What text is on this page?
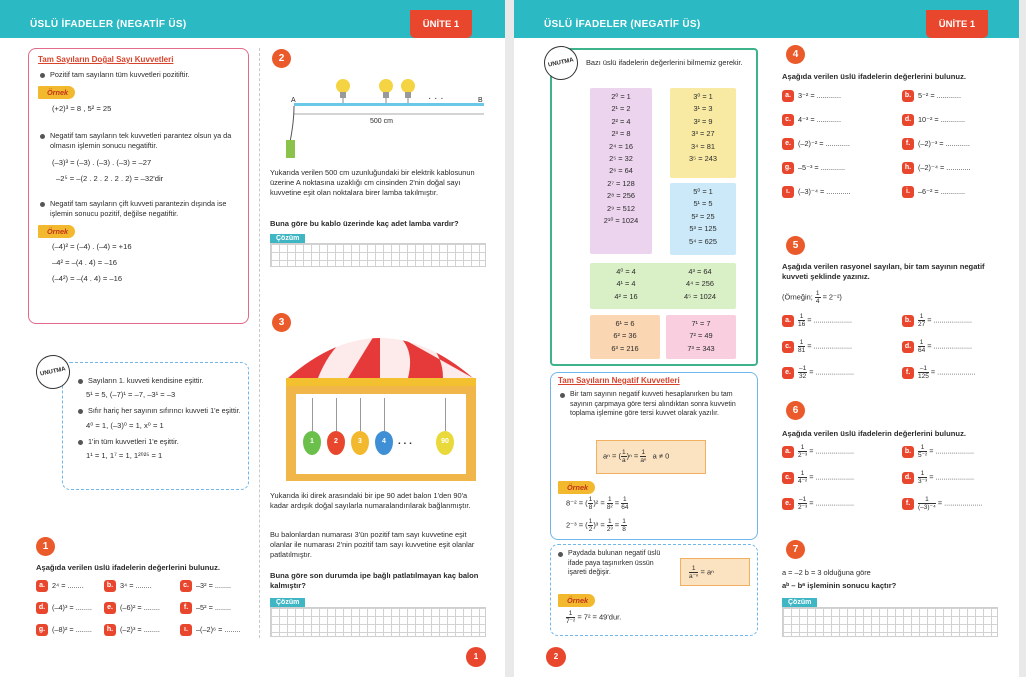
ÜSLÜ İFADELER (NEGATİF ÜS)	ÜNİTE 1
Tam Sayıların Doğal Sayı Kuvvetleri
Pozitif tam sayıların tüm kuvvetleri pozitiftir.
Örnek
(+2)³ = 8 , 5² = 25
Negatif tam sayıların tek kuvvetleri parantez olsun ya da olmasın işlemin sonucu negatiftir.
(–3)³ = (–3) . (–3) . (–3) = –27
–2⁵ = –(2 . 2 . 2 . 2 . 2) = –32'dir
Negatif tam sayıların çift kuvveti parantezin dışında ise işlemin sonucu pozitif, değilse negatiftir.
Örnek
(–4)² = (–4) . (–4) = +16
–4² = –(4 . 4) = –16
(–4²) = –(4 . 4) = –16
UNUTMA
Sayıların 1. kuvveti kendisine eşittir.
5¹ = 5, (–7)¹ = –7, –3¹ = –3
Sıfır hariç her sayının sıfırıncı kuvveti 1'e eşittir.
4⁰ = 1, (–3)⁰ = 1, x⁰ = 1
1'in tüm kuvvetleri 1'e eşittir.
1¹ = 1, 1⁷ = 1, 1²⁰²⁵ = 1
1
Aşağıda verilen üslü ifadelerin değerlerini bulunuz.
a. 2⁴ = ........	b. 3⁴ = ........	c. –3² = ........
d. (–4)³ = ........	e. (–6)² = ........	f. –5² = ........
g. (–8)² = ........	h. (–2)³ = ........	ı. –(–2)⁶ = ........
2
· · ·
A	B
500 cm
Yukarıda verilen 500 cm uzunluğundaki bir elektrik kablosunun üzerine A noktasına uzaklığı cm cinsinden 2'nin doğal sayı kuvvetine eşit olan noktalara birer lamba takılmıştır.
Buna göre bu kablo üzerinde kaç adet lamba vardır?
Çözüm
3
1	2	3	4	90
. . .
Yukarıda iki direk arasındaki bir ipe 90 adet balon 1'den 90'a kadar ardışık doğal sayılarla numaralandırılarak bağlanmıştır.
Bu balonlardan numarası 3'ün pozitif tam sayı kuvvetine eşit olanlar ile numarası 2'nin pozitif tam sayı kuvvetine eşit olanlar patlatılmıştır.
Buna göre son durumda ipe bağlı patlatılmayan kaç balon kalmıştır?
Çözüm
1
ÜSLÜ İFADELER (NEGATİF ÜS)	ÜNİTE 1
UNUTMA	Bazı üslü ifadelerin değerlerini bilmemiz gerekir.
2⁰ = 1
2¹ = 2
2² = 4
2³ = 8
2⁴ = 16
2⁵ = 32
2⁶ = 64
2⁷ = 128
2⁸ = 256
2⁹ = 512
2¹⁰ = 1024
3⁰ = 1
3¹ = 3
3² = 9
3³ = 27
3⁴ = 81
3⁵ = 243
5⁰ = 1
5¹ = 5
5² = 25
5³ = 125
5⁴ = 625
4⁰ = 4
4¹ = 4
4² = 16
4³ = 64
4⁴ = 256
4⁵ = 1024
6¹ = 6
6² = 36
6³ = 216
7¹ = 7
7² = 49
7³ = 343
Tam Sayıların Negatif Kuvvetleri
Bir tam sayının negatif kuvveti hesaplanırken bu tam sayının çarpmaya göre tersi alındıktan sonra kuvvetin toplama işlemine göre tersi kuvvet olarak yazılır.
aⁿ = ( $\frac{1}{a} )^n = \frac{1}{\text{aⁿ}}$ a ≠ 0
Örnek
8⁻² = ( $\frac{1}{8} )^2 = \frac{1}{\text{8²}} = \frac{1}{64}$
2⁻³ = ( $\frac{1}{2} )^3 = \frac{1}{\text{2³}} = \frac{1}{8}$
Paydada bulunan negatif üslü ifade paya taşınırken üssün işareti değişir.	$\frac{1}{\text{a⁻ⁿ}} = a^n$
Örnek
$\frac{1}{\text{7⁻²}} = 7^2 = 49'dur$.
4
Aşağıda verilen üslü ifadelerin değerlerini bulunuz.
a. 3⁻² = ............	b. 5⁻² = ............
c. 4⁻³ = ............	d. 10⁻² = ............
e. (–2)⁻² = ............	f. (–2)⁻³ = ............
g. –5⁻³ = ............	h. (–2)⁻⁴ = ............
ı. (–3)⁻⁴ = ............	i. –6⁻² = ............
5
Aşağıda verilen rasyonel sayıları, bir tam sayının negatif kuvveti şeklinde yazınız.
(Örneğin; $\frac{1}{4} = 2^{-2}$)
a. $\frac{1}{16}$ = ...................	b. $\frac{1}{27}$ = ...................
c. $\frac{1}{81}$ = ...................	d. $\frac{1}{64}$ = ...................
e. $\frac{-1}{32}$ = ...................	f. $\frac{-1}{125}$ = ...................
6
Aşağıda verilen üslü ifadelerin değerlerini bulunuz.
a. $\frac{1}{\text{2⁻³}}$ = ...................	b. $\frac{1}{\text{5⁻²}}$ = ...................
c. $\frac{1}{\text{4⁻²}}$ = ...................	d. $\frac{1}{\text{3⁻³}}$ = ...................
e. $\frac{-1}{\text{2⁻³}}$ = ...................	f. $\frac{1}{\text{(–3)⁻⁴}}$ = ...................
7
a = –2 b = 3 olduğuna göre
aᵇ – bᵃ işleminin sonucu kaçtır?
Çözüm
2
